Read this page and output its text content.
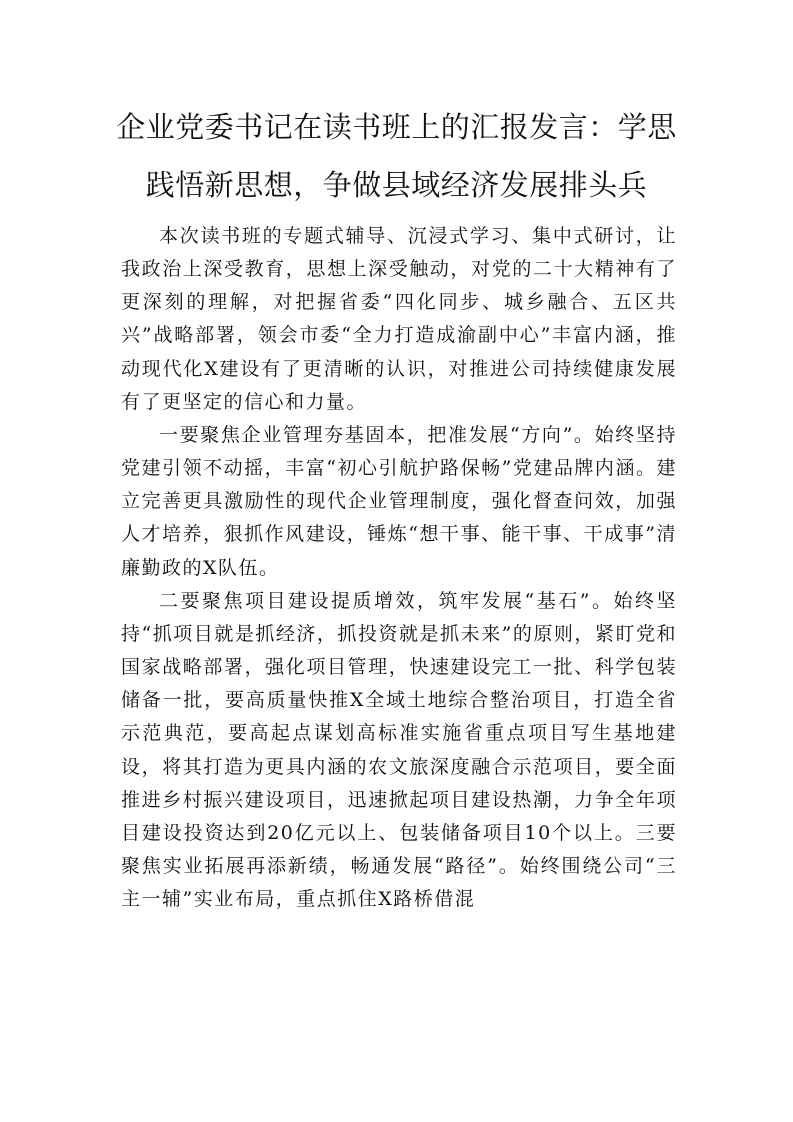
企业党委书记在读书班上的汇报发言：学思
践悟新思想，争做县域经济发展排头兵

本次读书班的专题式辅导、沉浸式学习、集中式研讨，让我政治上深受教育，思想上深受触动，对党的二十大精神有了更深刻的理解，对把握省委“四化同步、城乡融合、五区共兴”战略部署，领会市委“全力打造成渝副中心”丰富内涵，推动现代化X建设有了更清晰的认识，对推进公司持续健康发展有了更坚定的信心和力量。

一要聚焦企业管理夯基固本，把准发展“方向”。始终坚持党建引领不动摇，丰富“初心引航护路保畅”党建品牌内涵。建立完善更具激励性的现代企业管理制度，强化督查问效，加强人才培养，狠抓作风建设，锤炼“想干事、能干事、干成事”清廉勤政的X队伍。

二要聚焦项目建设提质增效，筑牢发展“基石”。始终坚持“抓项目就是抓经济，抓投资就是抓未来”的原则，紧盯党和国家战略部署，强化项目管理，快速建设完工一批、科学包装储备一批，要高质量快推X全域土地综合整治项目，打造全省示范典范，要高起点谋划高标准实施省重点项目写生基地建设，将其打造为更具内涵的农文旅深度融合示范项目，要全面推进乡村振兴建设项目，迅速掀起项目建设热潮，力争全年项目建设投资达到20亿元以上、包装储备项目10个以上。三要聚焦实业拓展再添新绩，畅通发展“路径”。始终围绕公司“三主一辅”实业布局，重点抓住X路桥借混
